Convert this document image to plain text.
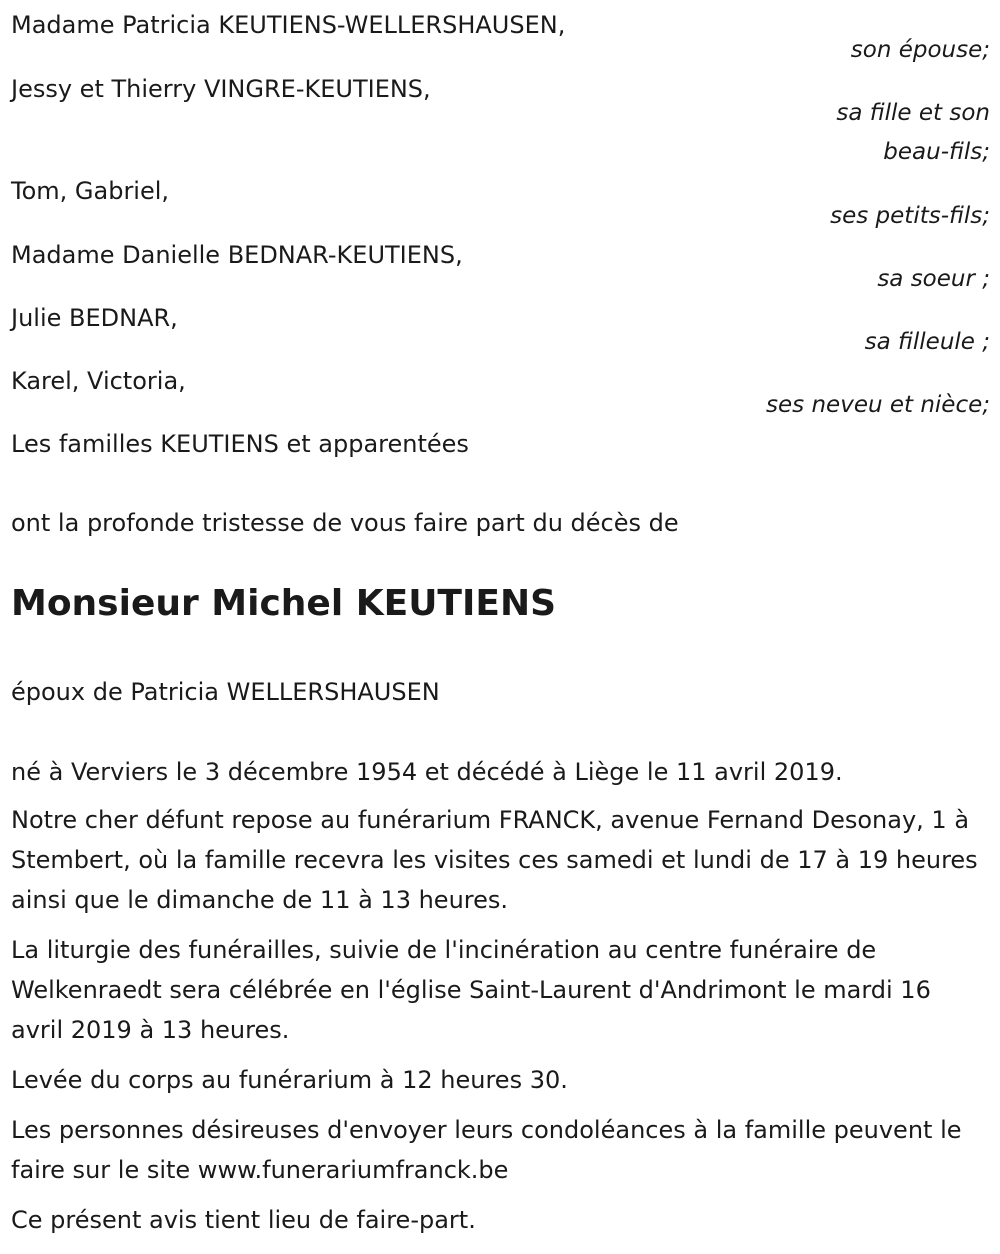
Madame Patricia KEUTIENS-WELLERSHAUSEN,
son épouse;
Jessy et Thierry VINGRE-KEUTIENS,
sa fille et son
beau-fils;
Tom, Gabriel,
ses petits-fils;
Madame Danielle BEDNAR-KEUTIENS,
sa soeur ;
Julie BEDNAR,
sa filleule ;
Karel, Victoria,
ses neveu et nièce;
Les familles KEUTIENS et apparentées
ont la profonde tristesse de vous faire part du décès de
Monsieur Michel KEUTIENS
époux de Patricia WELLERSHAUSEN
né à Verviers le 3 décembre 1954 et décédé à Liège le 11 avril 2019.
Notre cher défunt repose au funérarium FRANCK, avenue Fernand Desonay, 1 à Stembert, où la famille recevra les visites ces samedi et lundi de 17 à 19 heures ainsi que le dimanche de 11 à 13 heures.
La liturgie des funérailles, suivie de l'incinération au centre funéraire de Welkenraedt sera célébrée en l'église Saint-Laurent d'Andrimont le mardi 16 avril 2019 à 13 heures.
Levée du corps au funérarium à 12 heures 30.
Les personnes désireuses d'envoyer leurs condoléances à la famille peuvent le faire sur le site www.funerariumfranck.be
Ce présent avis tient lieu de faire-part.
